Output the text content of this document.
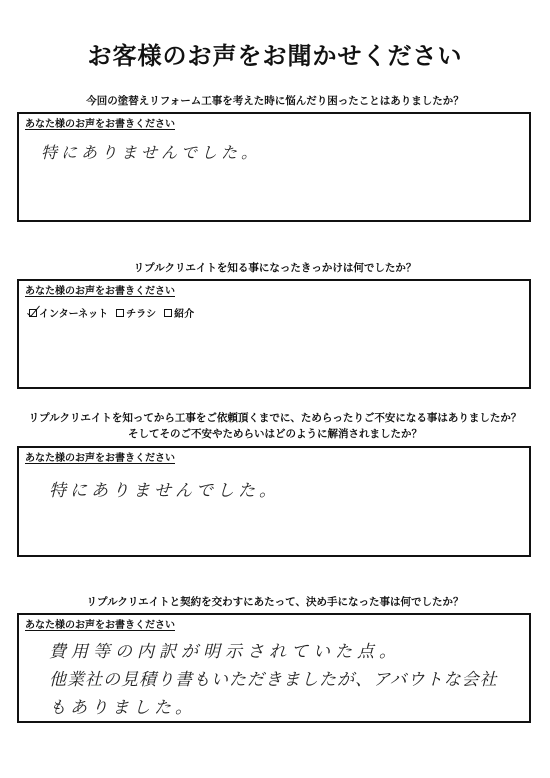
お客様のお声をお聞かせください
今回の塗替えリフォーム工事を考えた時に悩んだり困ったことはありましたか？
あなた様のお声をお書きください
特にありませんでした。
リプルクリエイトを知る事になったきっかけは何でしたか？
あなた様のお声をお書きください
インターネット チラシ 紹介
リプルクリエイトを知ってから工事をご依頼頂くまでに、ためらったりご不安になる事はありましたか？
そしてそのご不安やためらいはどのように解消されましたか？
あなた様のお声をお書きください
特にありませんでした。
リプルクリエイトと契約を交わすにあたって、決め手になった事は何でしたか？
あなた様のお声をお書きください
費用等の内訳が明示されていた点。
他業社の見積り書もいただきましたが、アバウトな会社
もありました。
